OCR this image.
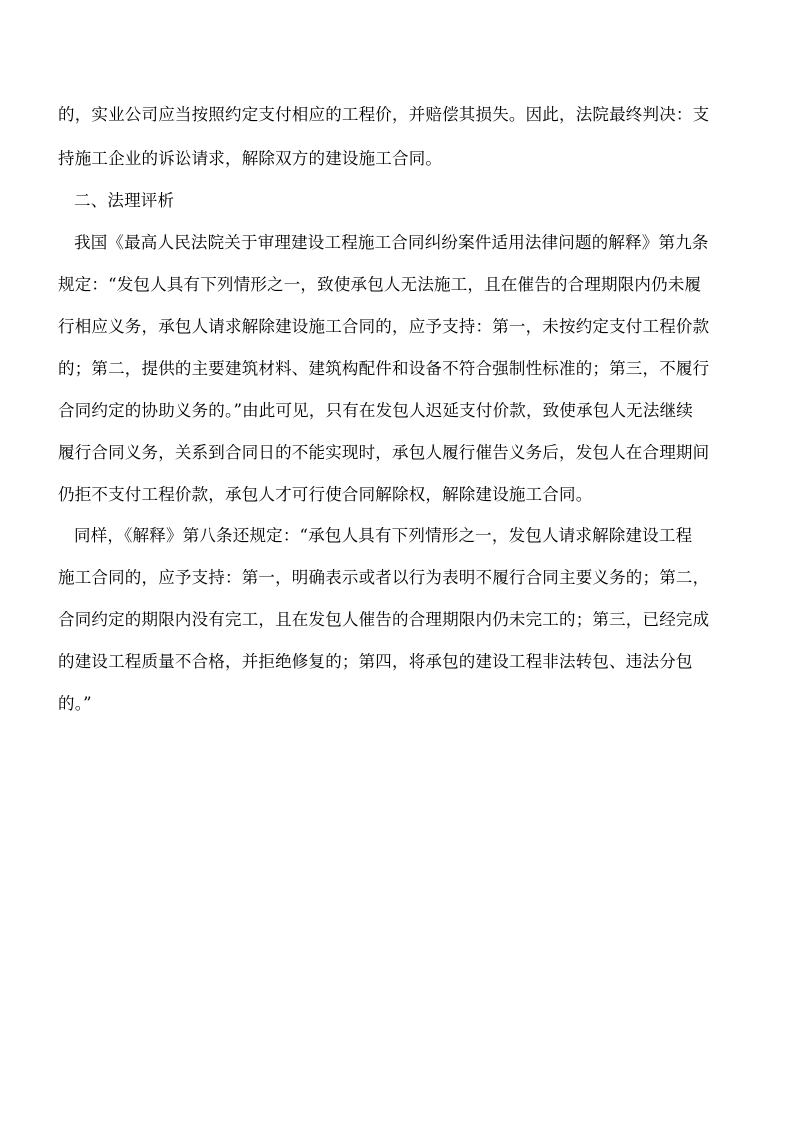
的，实业公司应当按照约定支付相应的工程价，并赔偿其损失。因此，法院最终判决：支
持施工企业的诉讼请求，解除双方的建设施工合同。
二、法理评析
我国《最高人民法院关于审理建设工程施工合同纠纷案件适用法律问题的解释》第九条
规定：“发包人具有下列情形之一，致使承包人无法施工，且在催告的合理期限内仍未履
行相应义务，承包人请求解除建设施工合同的，应予支持：第一，未按约定支付工程价款
的；第二，提供的主要建筑材料、建筑构配件和设备不符合强制性标准的；第三，不履行
合同约定的协助义务的。”由此可见，只有在发包人迟延支付价款，致使承包人无法继续
履行合同义务，关系到合同日的不能实现时，承包人履行催告义务后，发包人在合理期间
仍拒不支付工程价款，承包人才可行使合同解除权，解除建设施工合同。
同样，《解释》第八条还规定：“承包人具有下列情形之一，发包人请求解除建设工程
施工合同的，应予支持：第一，明确表示或者以行为表明不履行合同主要义务的；第二，
合同约定的期限内没有完工，且在发包人催告的合理期限内仍未完工的；第三，已经完成
的建设工程质量不合格，并拒绝修复的；第四，将承包的建设工程非法转包、违法分包
的。”
